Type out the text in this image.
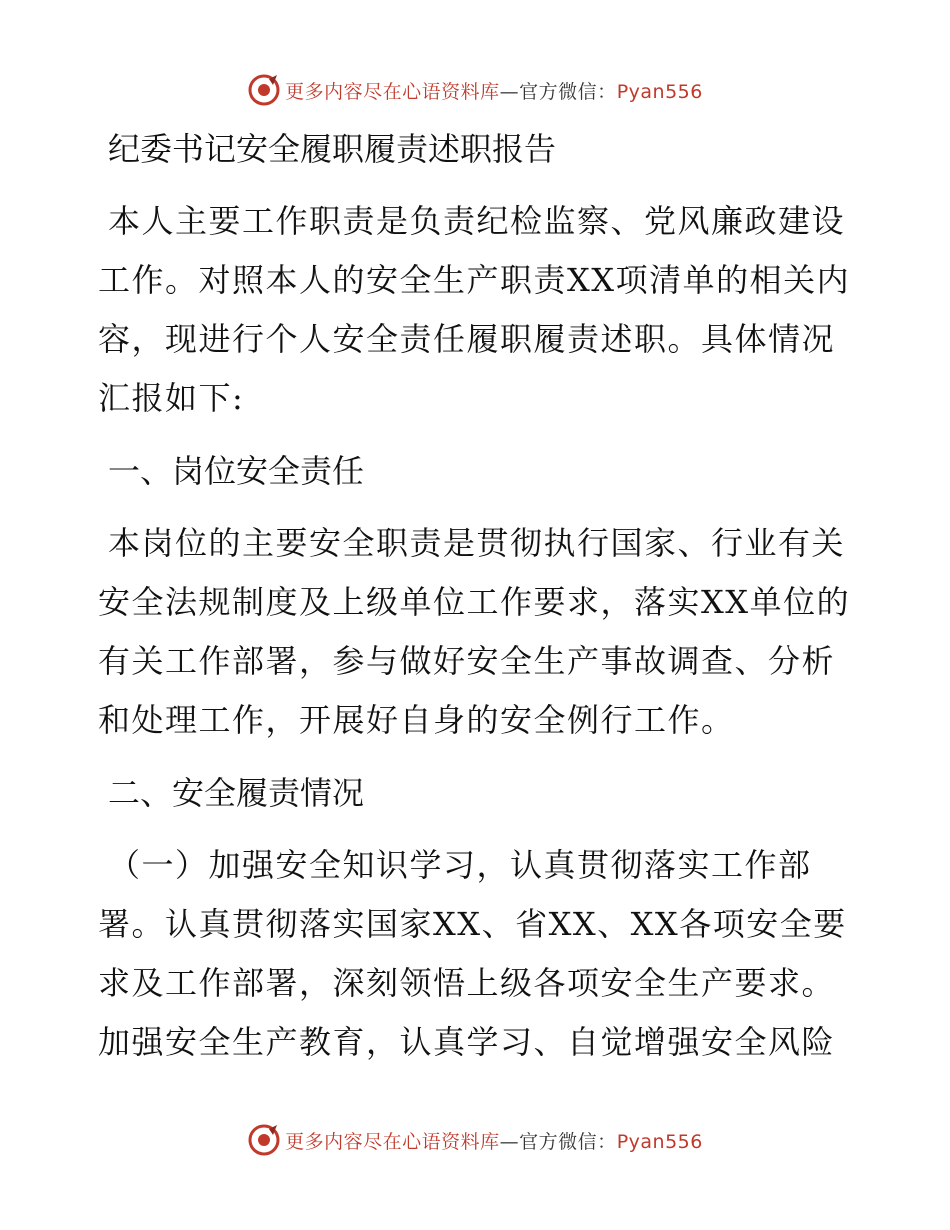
更多内容尽在心语资料库—官方微信：Pyan556
纪委书记安全履职履责述职报告

本人主要工作职责是负责纪检监察、党风廉政建设工作。对照本人的安全生产职责XX项清单的相关内容，现进行个人安全责任履职履责述职。具体情况汇报如下:

一、岗位安全责任

本岗位的主要安全职责是贯彻执行国家、行业有关安全法规制度及上级单位工作要求，落实XX单位的有关工作部署，参与做好安全生产事故调查、分析和处理工作，开展好自身的安全例行工作。

二、安全履责情况

（一）加强安全知识学习，认真贯彻落实工作部署。认真贯彻落实国家XX、省XX、XX各项安全要求及工作部署，深刻领悟上级各项安全生产要求。加强安全生产教育，认真学习、自觉增强安全风险

更多内容尽在心语资料库—官方微信：Pyan556
